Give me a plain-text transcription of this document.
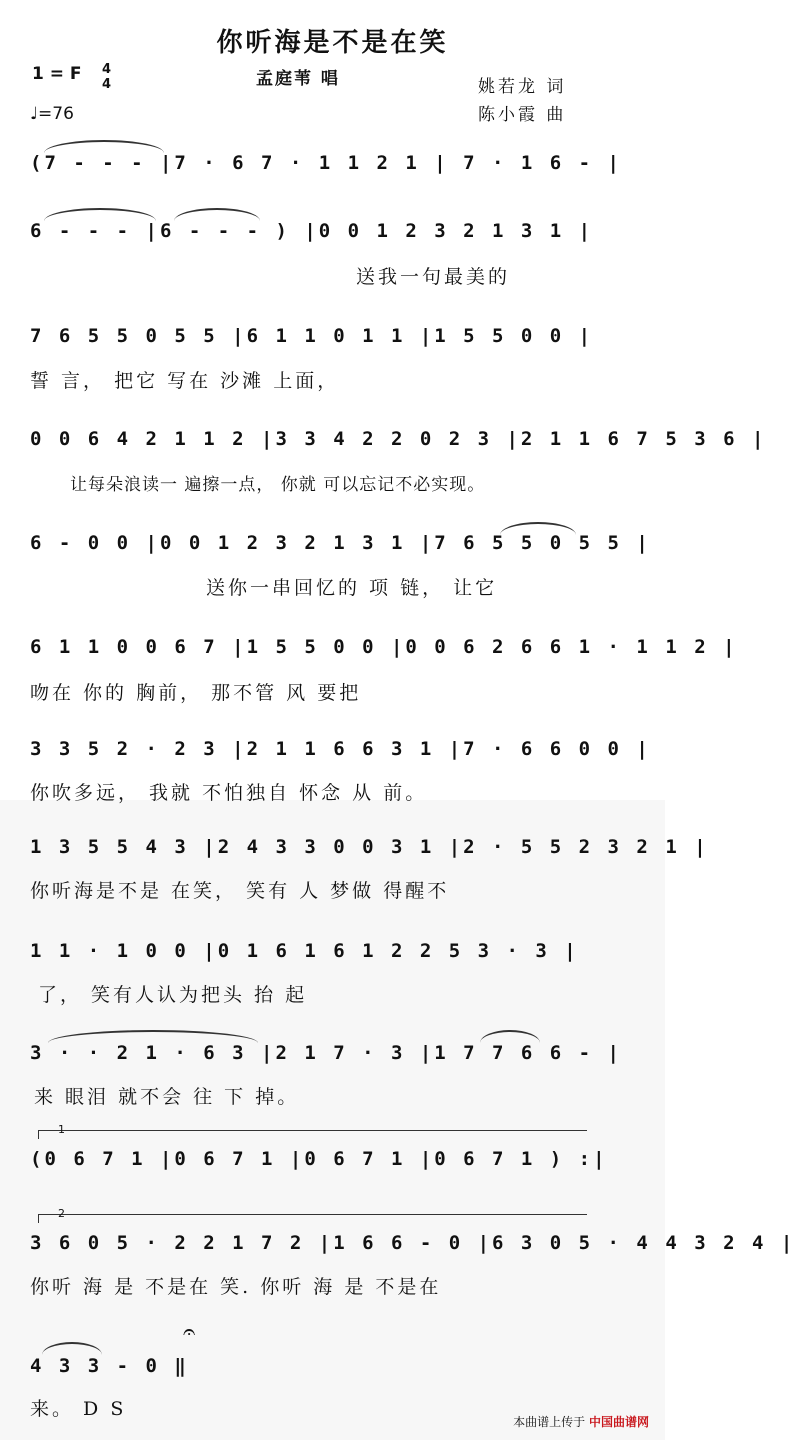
你听海是不是在笑
1 = F 4
4
♩=76
孟庭苇 唱	姚若龙 词
陈小霞 曲
(7 - - - |7 · 6 7 · 1 1 2 1 | 7 · 1 6 - |
6 - - - |6 - - - ) |0 0 1 2 3 2 1 3 1 |
送我一句最美的
7 6 5 5 0 5 5 |6 1 1 0 1 1 |1 5 5 0 0 |
誓 言， 把它 写在 沙滩 上面，
0 0 6 4 2 1 1 2 |3 3 4 2 2 0 2 3 |2 1 1 6 7 5 3 6 |
让每朵浪读一 遍擦一点， 你就 可以忘记不必实现。
6 - 0 0 |0 0 1 2 3 2 1 3 1 |7 6 5 5 0 5 5 |
送你一串回忆的 项 链， 让它
6 1 1 0 0 6 7 |1 5 5 0 0 |0 0 6 2 6 6 1 · 1 1 2 |
吻在 你的 胸前， 那不管 风 要把
3 3 5 2 · 2 3 |2 1 1 6 6 3 1 |7 · 6 6 0 0 |
你吹多远， 我就 不怕独自 怀念 从 前。
1 3 5 5 4 3 |2 4 3 3 0 0 3 1 |2 · 5 5 2 3 2 1 |
你听海是不是 在笑， 笑有 人 梦做 得醒不
1 1 · 1 0 0 |0 1 6 1 6 1 2 2 5 3 · 3 |
了， 笑有人认为把头 抬 起
3 · · 2 1 · 6 3 |2 1 7 · 3 |1 7 7 6 6 - |
来 眼泪 就不会 往 下 掉。
1
(0 6 7 1 |0 6 7 1 |0 6 7 1 |0 6 7 1 ) :|
2
3 6 0 5 · 2 2 1 7 2 |1 6 6 - 0 |6 3 0 5 · 4 4 3 2 4 |
你听 海 是 不是在 笑. 你听 海 是 不是在
𝄐
4 3 3 - 0 ‖
来。 D S
本曲谱上传于 中国曲谱网
